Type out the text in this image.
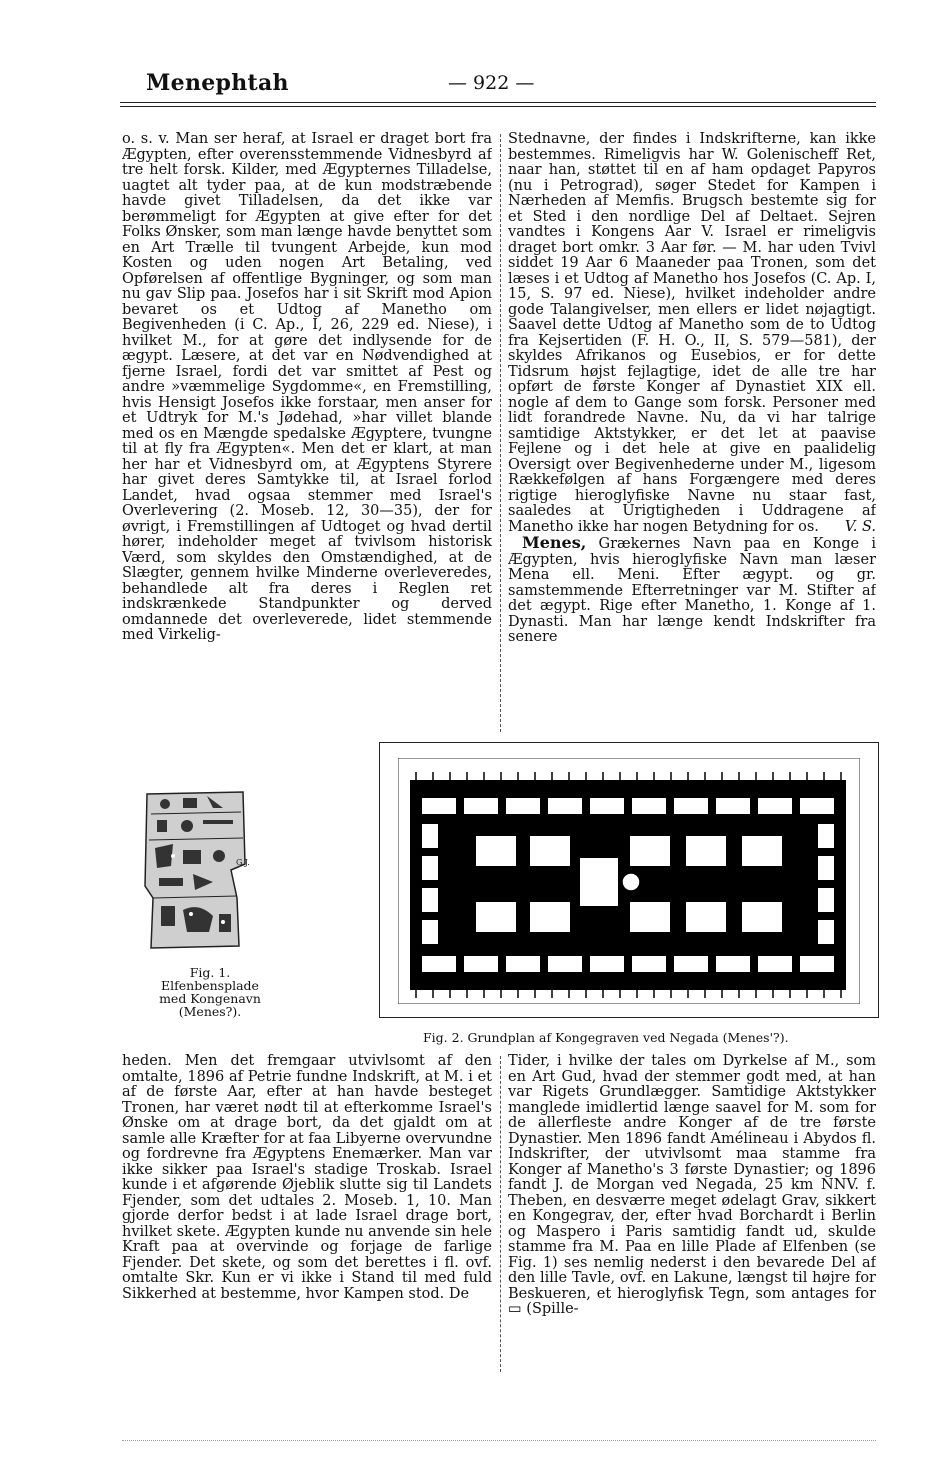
Menephtah	— 922 —

o. s. v. Man ser heraf, at Israel er draget bort fra Ægypten, efter overensstemmende Vidnesbyrd af tre helt forsk. Kilder, med Ægypternes Tilladelse, uagtet alt tyder paa, at de kun modstræbende havde givet Tilladelsen, da det ikke var berømmeligt for Ægypten at give efter for det Folks Ønsker, som man længe havde benyttet som en Art Trælle til tvungent Arbejde, kun mod Kosten og uden nogen Art Betaling, ved Opførelsen af offentlige Bygninger, og som man nu gav Slip paa. Josefos har i sit Skrift mod Apion bevaret os et Udtog af Manetho om Begivenheden (i C. Ap., I, 26, 229 ed. Niese), i hvilket M., for at gøre det indlysende for de ægypt. Læsere, at det var en Nødvendighed at fjerne Israel, fordi det var smittet af Pest og andre »væmmelige Sygdomme«, en Fremstilling, hvis Hensigt Josefos ikke forstaar, men anser for et Udtryk for M.'s Jødehad, »har villet blande med os en Mængde spedalske Ægyptere, tvungne til at fly fra Ægypten«. Men det er klart, at man her har et Vidnesbyrd om, at Ægyptens Styrere har givet deres Samtykke til, at Israel forlod Landet, hvad ogsaa stemmer med Israel's Overlevering (2. Moseb. 12, 30—35), der for øvrigt, i Fremstillingen af Udtoget og hvad dertil hører, indeholder meget af tvivlsom historisk Værd, som skyldes den Omstændighed, at de Slægter, gennem hvilke Minderne overleveredes, behandlede alt fra deres i Reglen ret indskrænkede Standpunkter og derved omdannede det overleverede, lidet stemmende med Virkelig-

Stednavne, der findes i Indskrifterne, kan ikke bestemmes. Rimeligvis har W. Golenischeff Ret, naar han, støttet til en af ham opdaget Papyros (nu i Petrograd), søger Stedet for Kampen i Nærheden af Memfis. Brugsch bestemte sig for et Sted i den nordlige Del af Deltaet. Sejren vandtes i Kongens Aar V. Israel er rimeligvis draget bort omkr. 3 Aar før. — M. har uden Tvivl siddet 19 Aar 6 Maaneder paa Tronen, som det læses i et Udtog af Manetho hos Josefos (C. Ap. I, 15, S. 97 ed. Niese), hvilket indeholder andre gode Talangivelser, men ellers er lidet nøjagtigt. Saavel dette Udtog af Manetho som de to Udtog fra Kejsertiden (F. H. O., II, S. 579—581), der skyldes Afrikanos og Eusebios, er for dette Tidsrum højst fejlagtige, idet de alle tre har opført de første Konger af Dynastiet XIX ell. nogle af dem to Gange som forsk. Personer med lidt forandrede Navne. Nu, da vi har talrige samtidige Aktstykker, er det let at paavise Fejlene og i det hele at give en paalidelig Oversigt over Begivenhederne under M., ligesom Rækkefølgen af hans Forgængere med deres rigtige hieroglyfiske Navne nu staar fast, saaledes at Urigtigheden i Uddragene af Manetho ikke har nogen Betydning for os. V. S.

Menes, Grækernes Navn paa en Konge i Ægypten, hvis hieroglyfiske Navn man læser Mena ell. Meni. Efter ægypt. og gr. samstemmende Efterretninger var M. Stifter af det ægypt. Rige efter Manetho, 1. Konge af 1. Dynasti. Man har længe kendt Indskrifter fra senere

G.J.
Fig. 1.
Elfenbensplade
med Kongenavn
(Menes?).
Fig. 2. Grundplan af Kongegraven ved Negada (Menes'?).

heden. Men det fremgaar utvivlsomt af den omtalte, 1896 af Petrie fundne Indskrift, at M. i et af de første Aar, efter at han havde besteget Tronen, har været nødt til at efterkomme Israel's Ønske om at drage bort, da det gjaldt om at samle alle Kræfter for at faa Libyerne overvundne og fordrevne fra Ægyptens Enemærker. Man var ikke sikker paa Israel's stadige Troskab. Israel kunde i et afgørende Øjeblik slutte sig til Landets Fjender, som det udtales 2. Moseb. 1, 10. Man gjorde derfor bedst i at lade Israel drage bort, hvilket skete. Ægypten kunde nu anvende sin hele Kraft paa at overvinde og forjage de farlige Fjender. Det skete, og som det berettes i fl. ovf. omtalte Skr. Kun er vi ikke i Stand til med fuld Sikkerhed at bestemme, hvor Kampen stod. De

Tider, i hvilke der tales om Dyrkelse af M., som en Art Gud, hvad der stemmer godt med, at han var Rigets Grundlægger. Samtidige Aktstykker manglede imidlertid længe saavel for M. som for de allerfleste andre Konger af de tre første Dynastier. Men 1896 fandt Amélineau i Abydos fl. Indskrifter, der utvivlsomt maa stamme fra Konger af Manetho's 3 første Dynastier; og 1896 fandt J. de Morgan ved Negada, 25 km NNV. f. Theben, en desværre meget ødelagt Grav, sikkert en Kongegrav, der, efter hvad Borchardt i Berlin og Maspero i Paris samtidig fandt ud, skulde stamme fra M. Paa en lille Plade af Elfenben (se Fig. 1) ses nemlig nederst i den bevarede Del af den lille Tavle, ovf. en Lakune, længst til højre for Beskueren, et hieroglyfisk Tegn, som antages for ▭ (Spille-
